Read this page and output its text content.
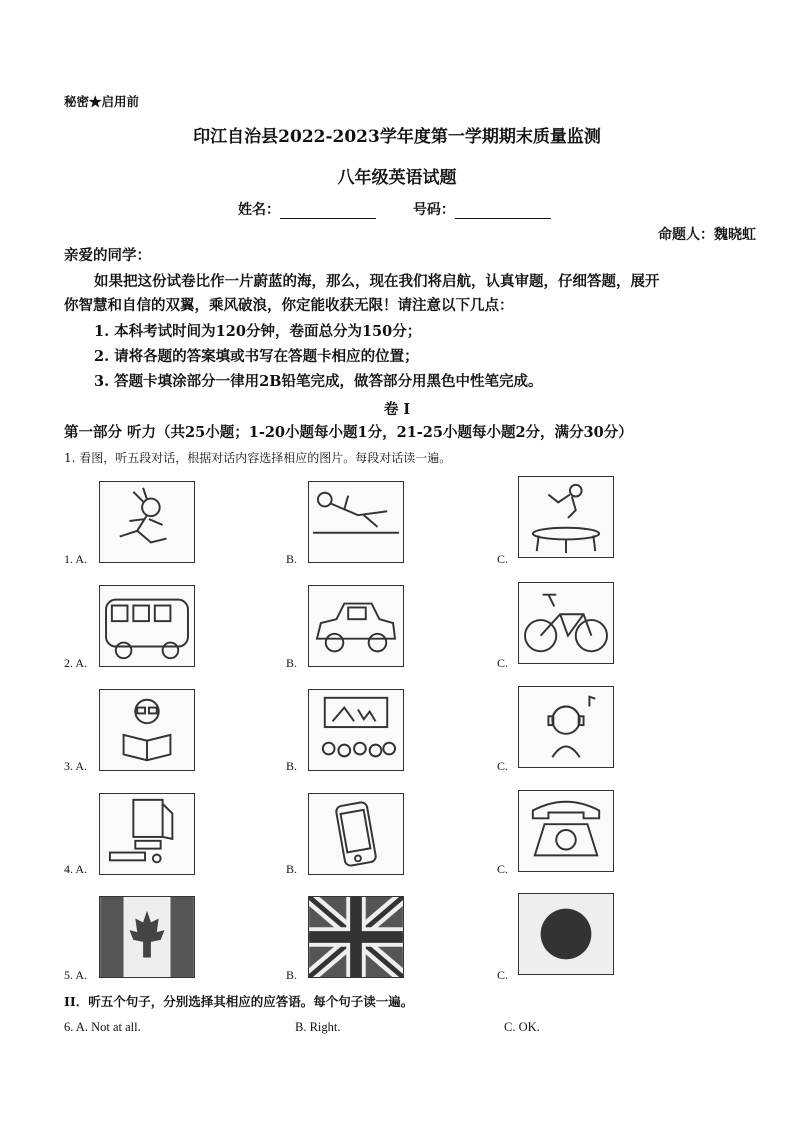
秘密★启用前
印江自治县2022-2023学年度第一学期期末质量监测
八年级英语试题
姓名：	号码：
命题人：魏晓虹
亲爱的同学：
如果把这份试卷比作一片蔚蓝的海，那么，现在我们将启航，认真审题，仔细答题，展开
你智慧和自信的双翼，乘风破浪，你定能收获无限！请注意以下几点：
1. 本科考试时间为120分钟，卷面总分为150分；
2. 请将各题的答案填或书写在答题卡相应的位置；
3. 答题卡填涂部分一律用2B铅笔完成，做答部分用黑色中性笔完成。
卷 I
第一部分 听力（共25小题；1-20小题每小题1分，21-25小题每小题2分，满分30分）
1. 看图，听五段对话，根据对话内容选择相应的图片。每段对话读一遍。
1. A.	B.	C.
2. A.	B.	C.
3. A.	B.	C.
4. A.	B.	C.
5. A.	B.	C.
II．听五个句子，分别选择其相应的应答语。每个句子读一遍。
6. A. Not at all.	B. Right.	C. OK.
